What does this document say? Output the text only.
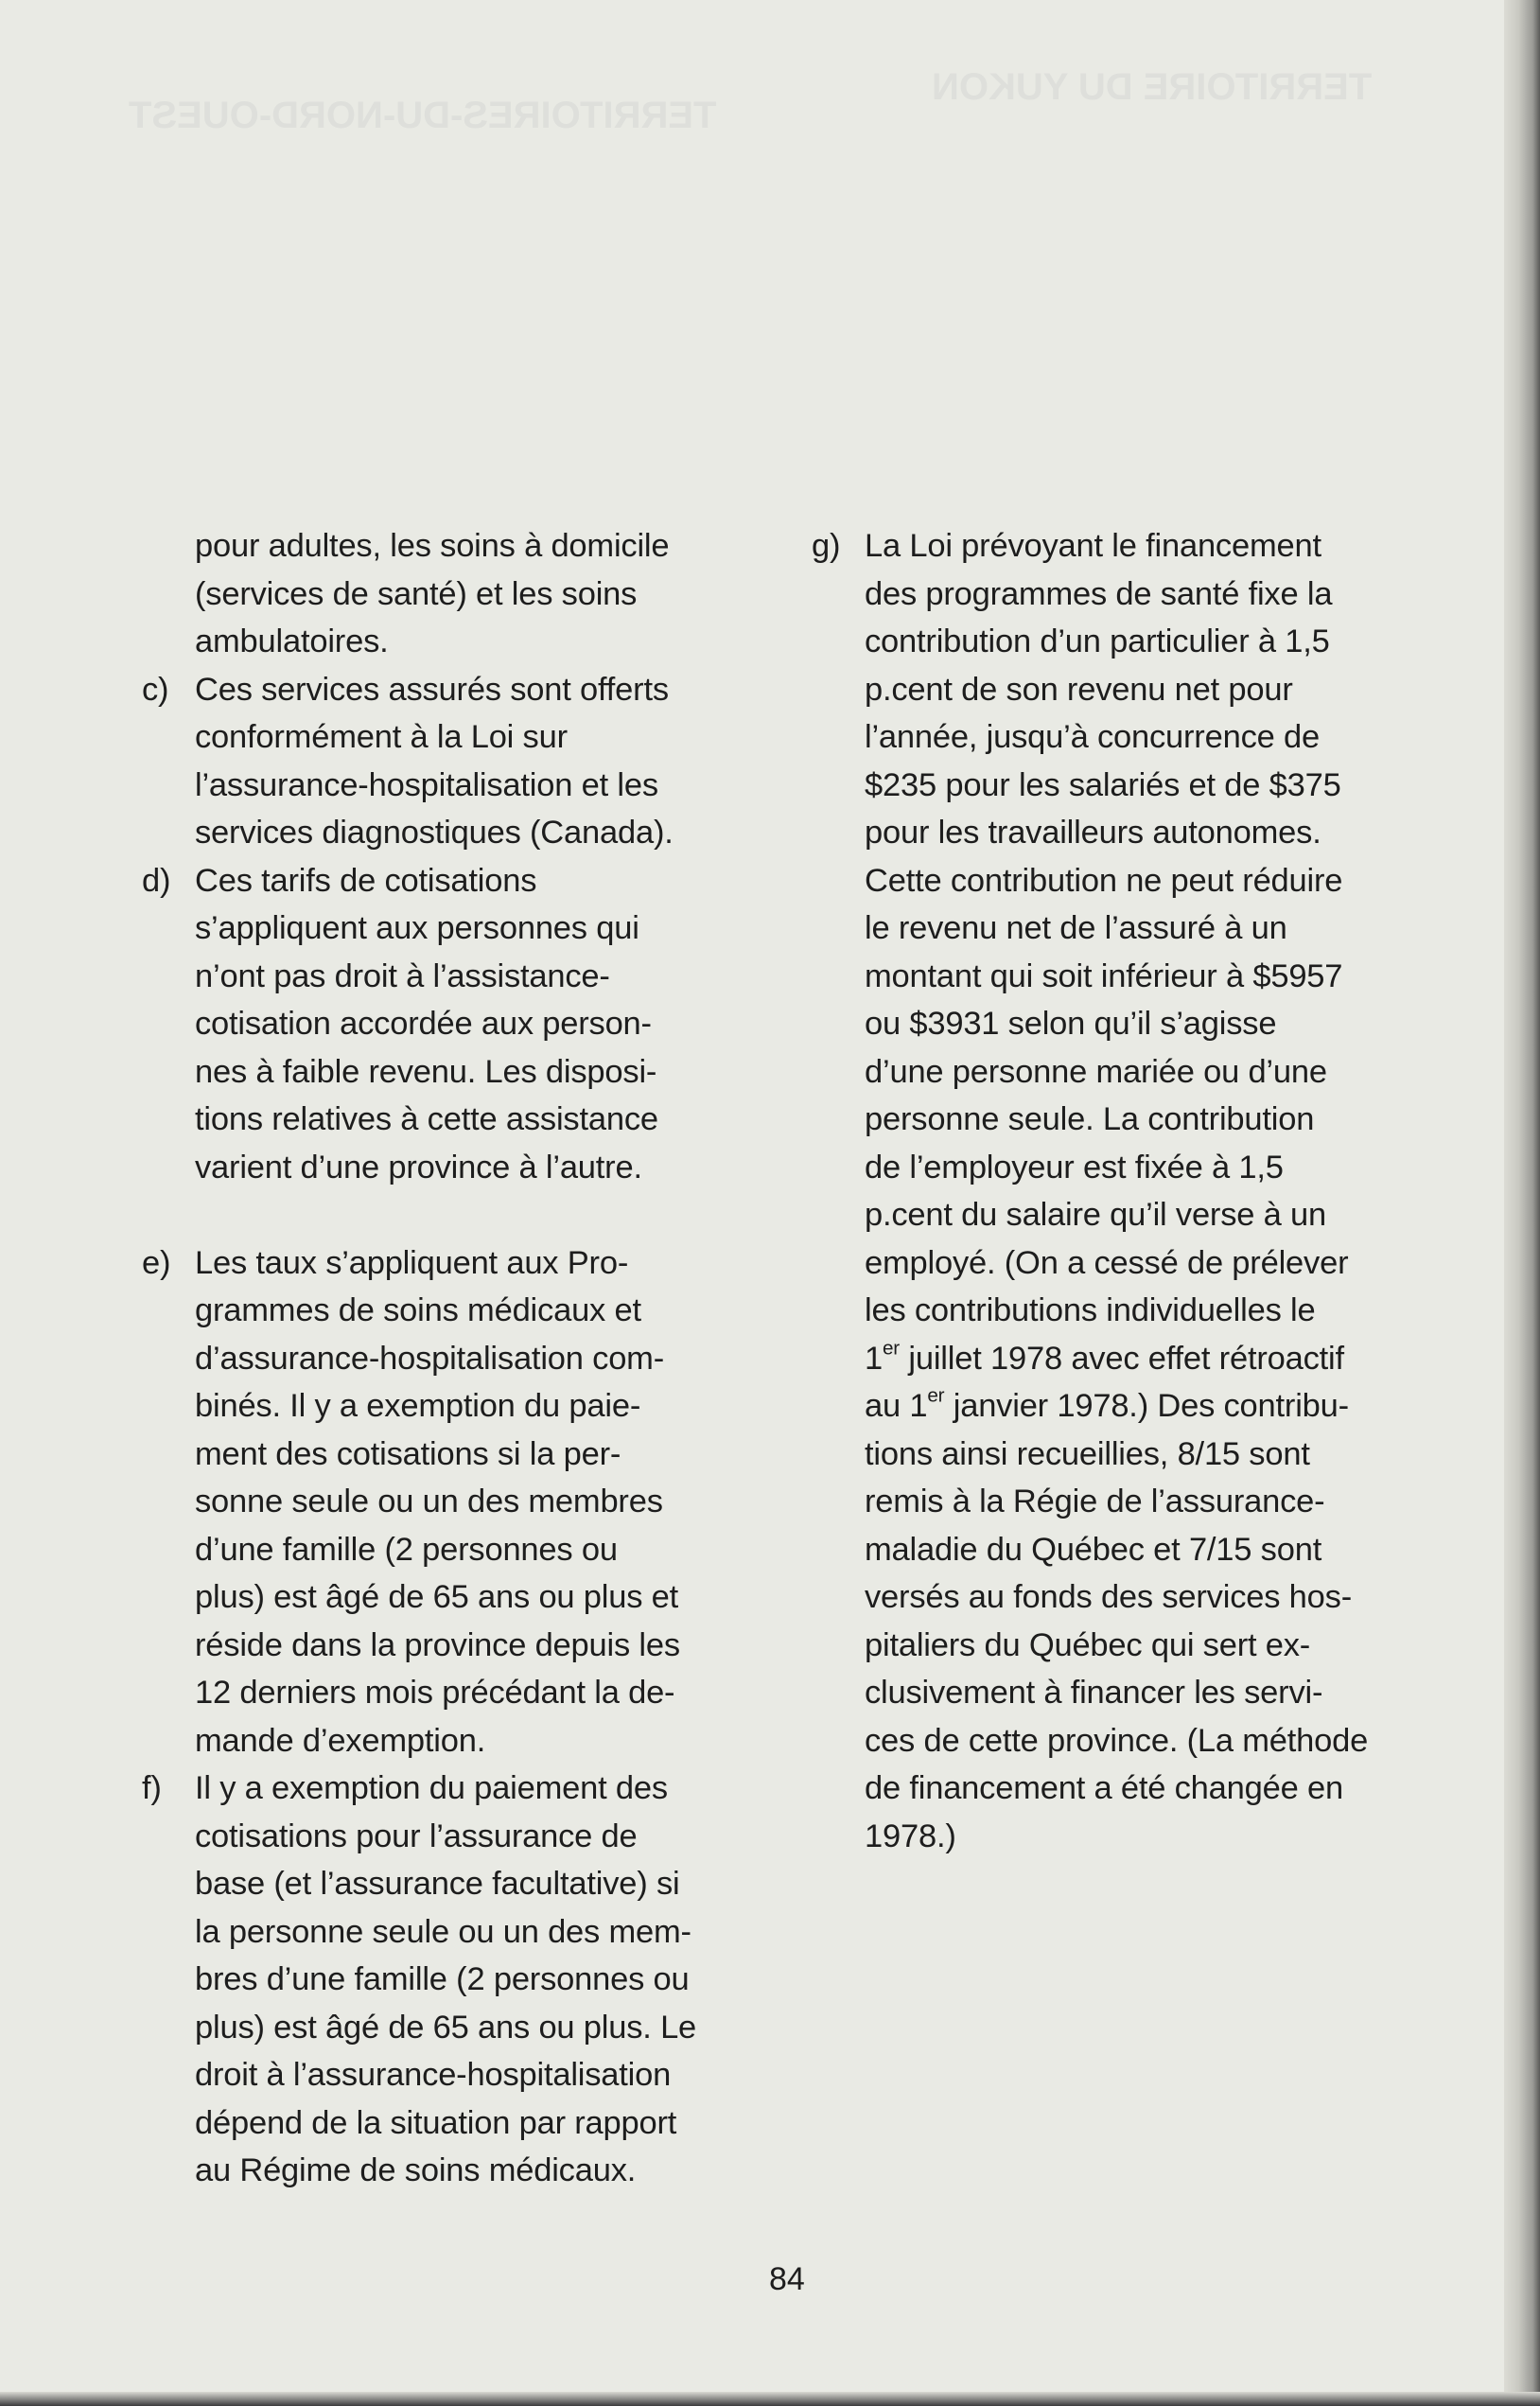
TERRITOIRES-DU-NORD-OUEST

TERRITOIRE DU YUKON

pour adultes, les soins à domicile
(services de santé) et les soins
ambulatoires.
c) Ces services assurés sont offerts
conformément à la Loi sur
l’assurance-hospitalisation et les
services diagnostiques (Canada).
d) Ces tarifs de cotisations
s’appliquent aux personnes qui
n’ont pas droit à l’assistance-
cotisation accordée aux person-
nes à faible revenu. Les disposi-
tions relatives à cette assistance
varient d’une province à l’autre.
e) Les taux s’appliquent aux Pro-
grammes de soins médicaux et
d’assurance-hospitalisation com-
binés. Il y a exemption du paie-
ment des cotisations si la per-
sonne seule ou un des membres
d’une famille (2 personnes ou
plus) est âgé de 65 ans ou plus et
réside dans la province depuis les
12 derniers mois précédant la de-
mande d’exemption.
f) Il y a exemption du paiement des
cotisations pour l’assurance de
base (et l’assurance facultative) si
la personne seule ou un des mem-
bres d’une famille (2 personnes ou
plus) est âgé de 65 ans ou plus. Le
droit à l’assurance-hospitalisation
dépend de la situation par rapport
au Régime de soins médicaux.
g) La Loi prévoyant le financement
des programmes de santé fixe la
contribution d’un particulier à 1,5
p.cent de son revenu net pour
l’année, jusqu’à concurrence de
$235 pour les salariés et de $375
pour les travailleurs autonomes.
Cette contribution ne peut réduire
le revenu net de l’assuré à un
montant qui soit inférieur à $5957
ou $3931 selon qu’il s’agisse
d’une personne mariée ou d’une
personne seule. La contribution
de l’employeur est fixée à 1,5
p.cent du salaire qu’il verse à un
employé. (On a cessé de prélever
les contributions individuelles le
1er juillet 1978 avec effet rétroactif
au 1er janvier 1978.) Des contribu-
tions ainsi recueillies, 8/15 sont
remis à la Régie de l’assurance-
maladie du Québec et 7/15 sont
versés au fonds des services hos-
pitaliers du Québec qui sert ex-
clusivement à financer les servi-
ces de cette province. (La méthode
de financement a été changée en
1978.)

84
